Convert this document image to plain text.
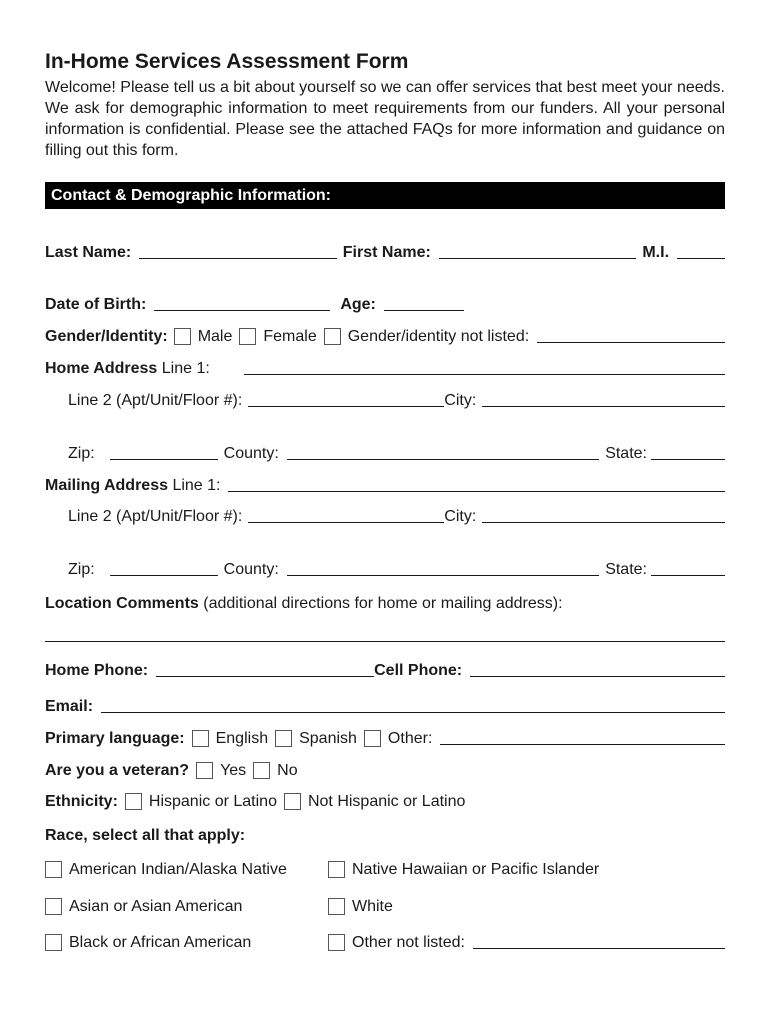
In-Home Services Assessment Form
Welcome! Please tell us a bit about yourself so we can offer services that best meet your needs. We ask for demographic information to meet requirements from our funders. All your personal information is confidential. Please see the attached FAQs for more information and guidance on filling out this form.
Contact & Demographic Information:
Last Name:	First Name:	M.I.
Date of Birth:	Age:
Gender/Identity: Male Female Gender/identity not listed:
Home Address
Line 1:
Line 2 (Apt/Unit/Floor #):	City:
Zip:	County:	State:
Mailing Address
Line 1:
Line 2 (Apt/Unit/Floor #):	City:
Zip:	County:	State:
Location Comments
(additional directions for home or mailing address):
Home Phone:	Cell Phone:
Email:
Primary language: English Spanish Other:
Are you a veteran? Yes No
Ethnicity: Hispanic or Latino Not Hispanic or Latino
Race, select all that apply:
American Indian/Alaska Native	Native Hawaiian or Pacific Islander
Asian or Asian American	White
Black or African American	Other not listed:
